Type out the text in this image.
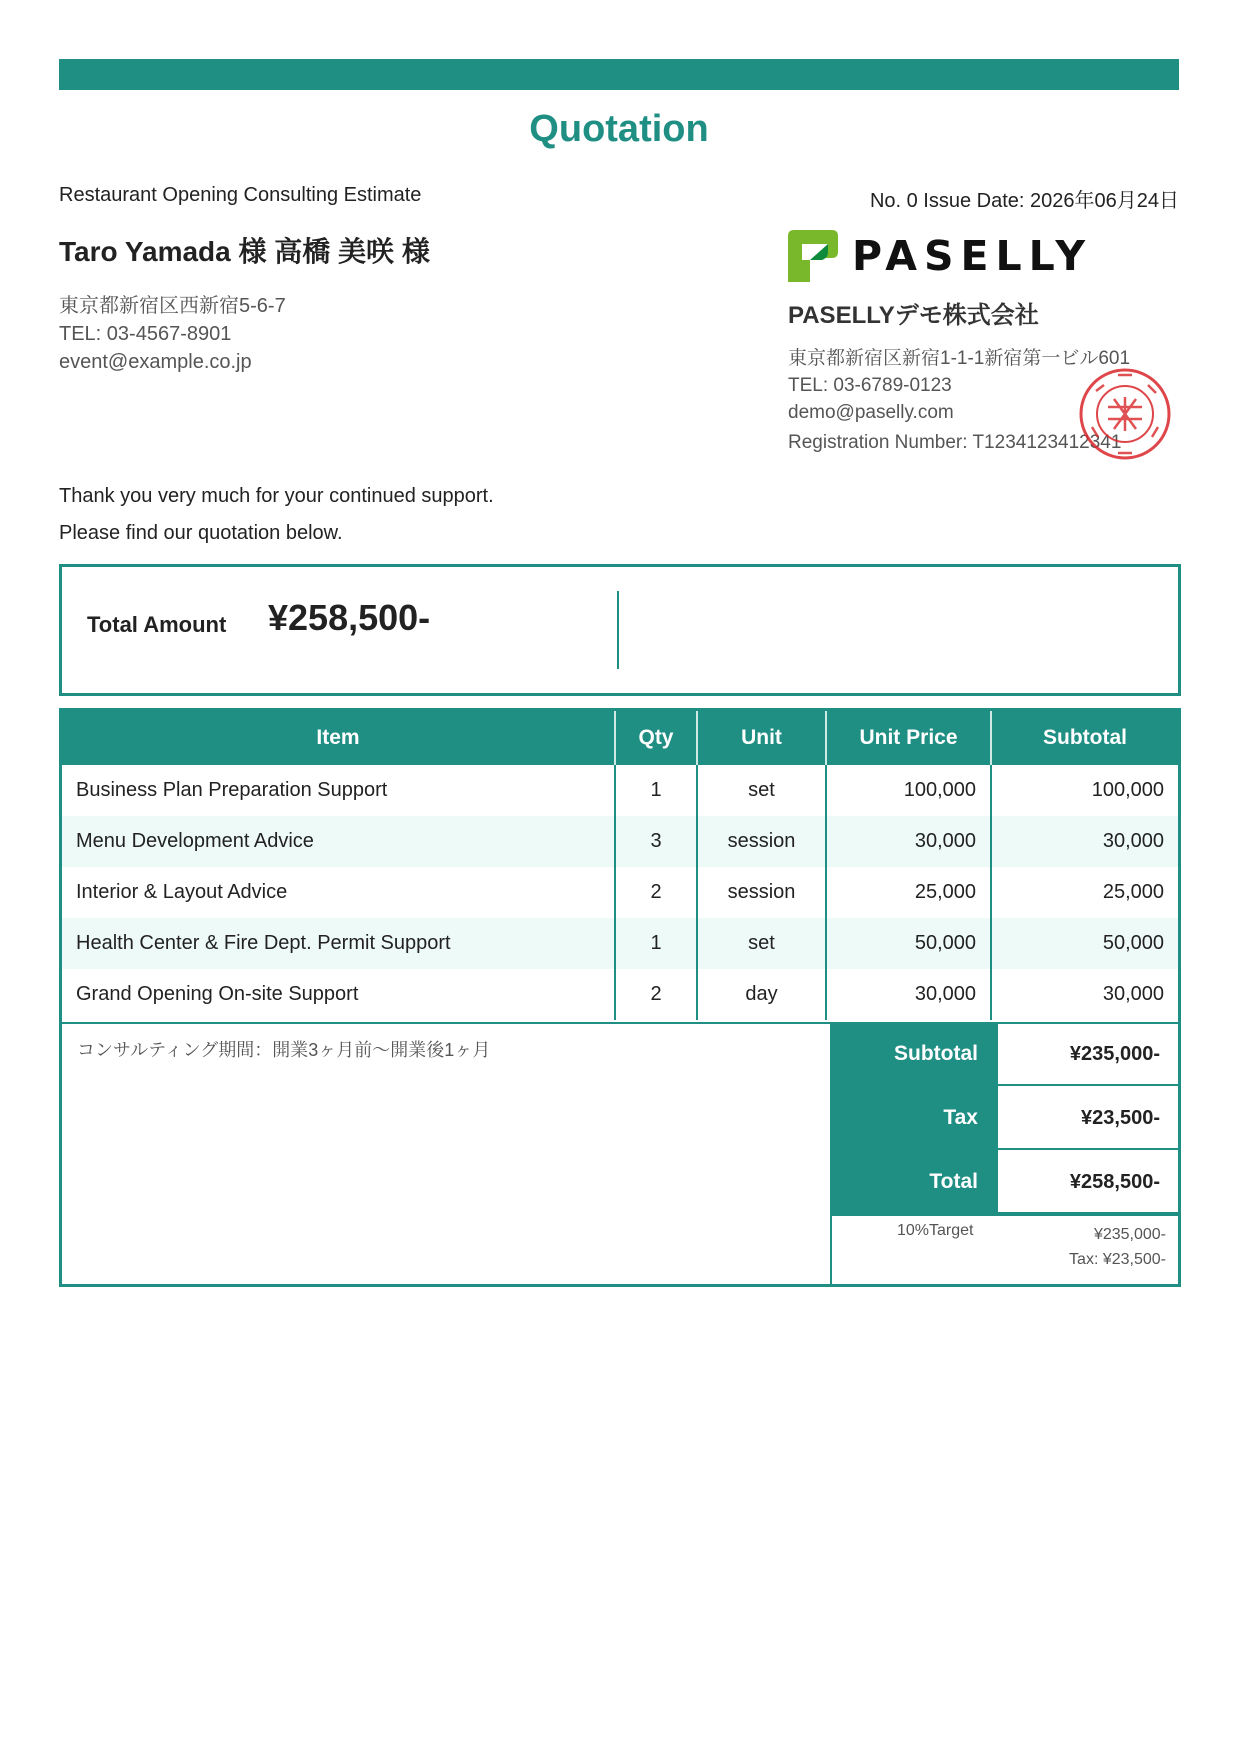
Quotation
Restaurant Opening Consulting Estimate	No. 0 Issue Date: 2026年06月24日
Taro Yamada 様 高橋 美咲 様
東京都新宿区西新宿5-6-7
TEL: 03-4567-8901
event@example.co.jp
PASELLY
PASELLYデモ株式会社
東京都新宿区新宿1-1-1新宿第一ビル601
TEL: 03-6789-0123
demo@paselly.com
Registration Number: T1234123412341
Thank you very much for your continued support.
Please find our quotation below.
Total Amount ¥258,500-
Item	Qty	Unit	Unit Price	Subtotal
Business Plan Preparation Support	1	set	100,000	100,000
Menu Development Advice	3	session	30,000	30,000
Interior & Layout Advice	2	session	25,000	25,000
Health Center & Fire Dept. Permit Support	1	set	50,000	50,000
Grand Opening On-site Support	2	day	30,000	30,000
コンサルティング期間：開業3ヶ月前〜開業後1ヶ月	Subtotal	¥235,000-
Tax	¥23,500-
Total	¥258,500-
10%Target	¥235,000-
Tax: ¥23,500-
